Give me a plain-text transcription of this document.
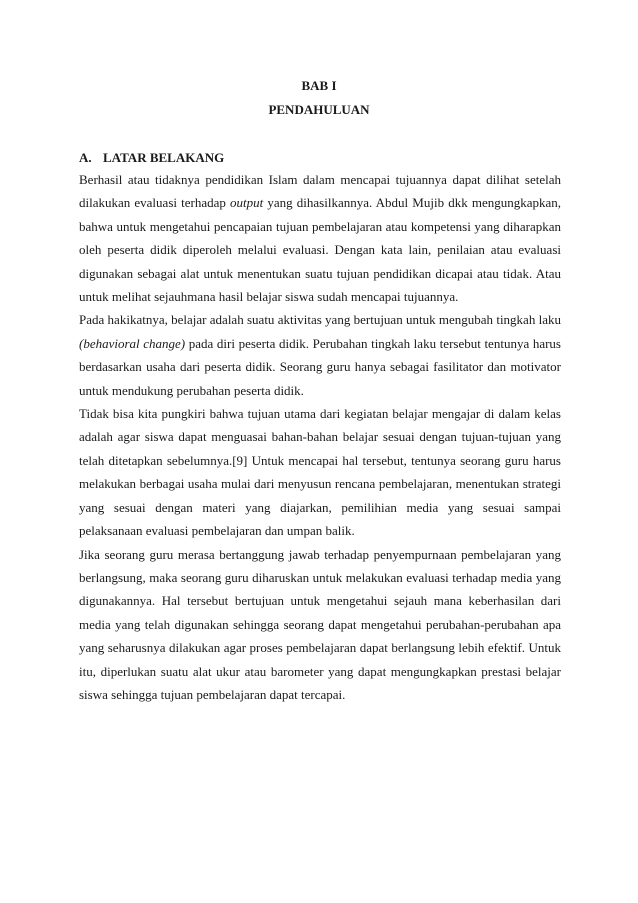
BAB I
PENDAHULUAN
A. LATAR BELAKANG

Berhasil atau tidaknya pendidikan Islam dalam mencapai tujuannya dapat dilihat setelah dilakukan evaluasi terhadap output yang dihasilkannya. Abdul Mujib dkk mengungkapkan, bahwa untuk mengetahui pencapaian tujuan pembelajaran atau kompetensi yang diharapkan oleh peserta didik diperoleh melalui evaluasi. Dengan kata lain, penilaian atau evaluasi digunakan sebagai alat untuk menentukan suatu tujuan pendidikan dicapai atau tidak. Atau untuk melihat sejauhmana hasil belajar siswa sudah mencapai tujuannya.

Pada hakikatnya, belajar adalah suatu aktivitas yang bertujuan untuk mengubah tingkah laku (behavioral change) pada diri peserta didik. Perubahan tingkah laku tersebut tentunya harus berdasarkan usaha dari peserta didik. Seorang guru hanya sebagai fasilitator dan motivator untuk mendukung perubahan peserta didik.

Tidak bisa kita pungkiri bahwa tujuan utama dari kegiatan belajar mengajar di dalam kelas adalah agar siswa dapat menguasai bahan-bahan belajar sesuai dengan tujuan-tujuan yang telah ditetapkan sebelumnya.[9] Untuk mencapai hal tersebut, tentunya seorang guru harus melakukan berbagai usaha mulai dari menyusun rencana pembelajaran, menentukan strategi yang sesuai dengan materi yang diajarkan, pemilihian media yang sesuai sampai pelaksanaan evaluasi pembelajaran dan umpan balik.

Jika seorang guru merasa bertanggung jawab terhadap penyempurnaan pembelajaran yang berlangsung, maka seorang guru diharuskan untuk melakukan evaluasi terhadap media yang digunakannya. Hal tersebut bertujuan untuk mengetahui sejauh mana keberhasilan dari media yang telah digunakan sehingga seorang dapat mengetahui perubahan-perubahan apa yang seharusnya dilakukan agar proses pembelajaran dapat berlangsung lebih efektif. Untuk itu, diperlukan suatu alat ukur atau barometer yang dapat mengungkapkan prestasi belajar siswa sehingga tujuan pembelajaran dapat tercapai.
